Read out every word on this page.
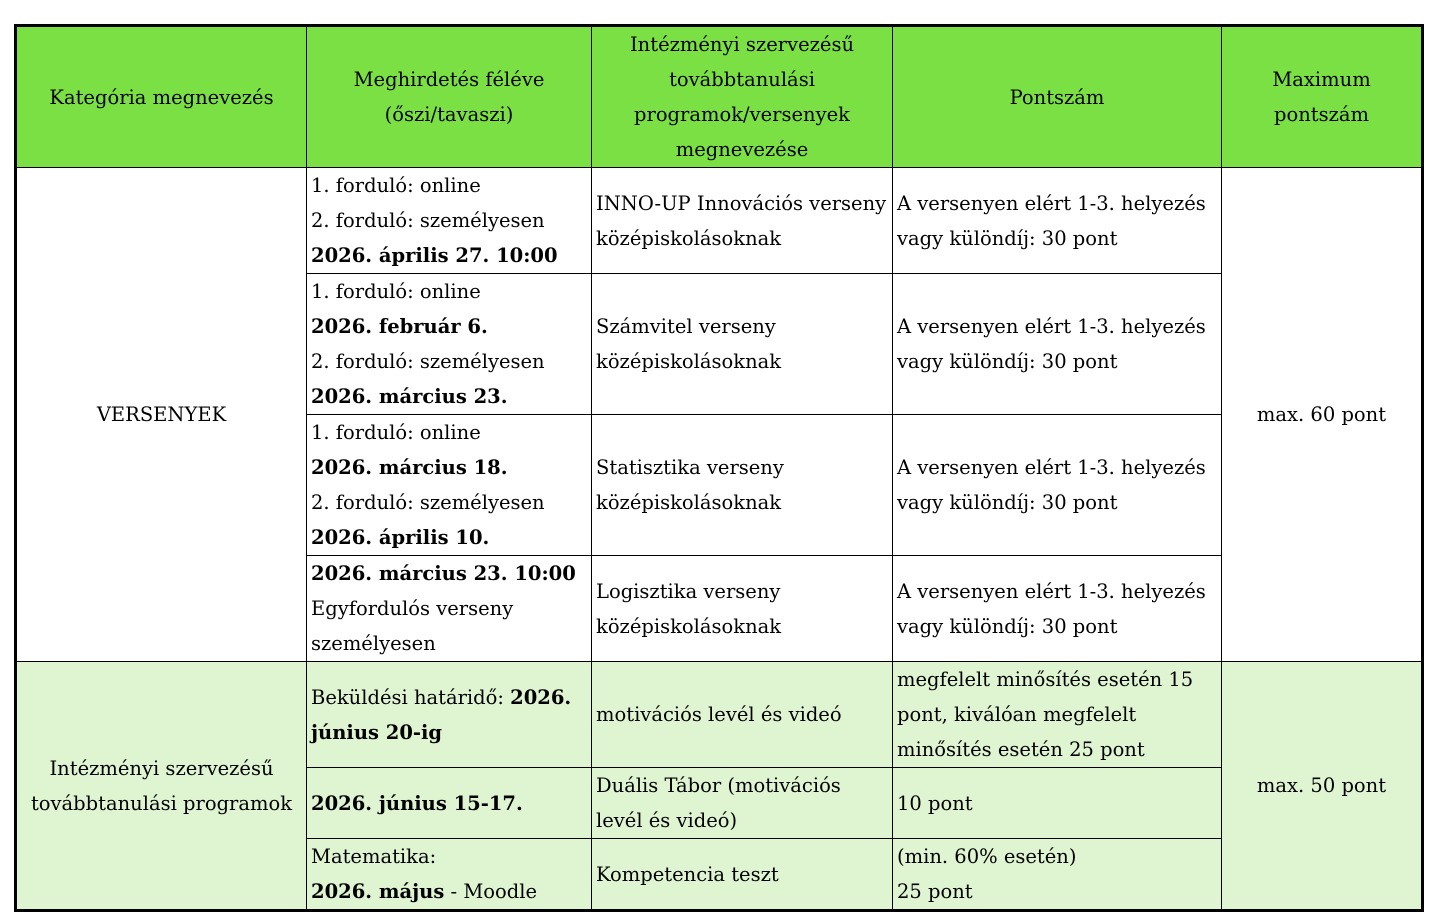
Kategória megnevezés	Meghirdetés féléve (őszi/tavaszi)	Intézményi szervezésű továbbtanulási programok/versenyek megnevezése	Pontszám	Maximum pontszám
VERSENYEK	1. forduló: online
2. forduló: személyesen
2026. április 27. 10:00	INNO-UP Innovációs verseny középiskolásoknak	A versenyen elért 1-3. helyezés vagy különdíj: 30 pont	max. 60 pont

	1. forduló: online
2026. február 6.
2. forduló: személyesen
2026. március 23.	Számvitel verseny középiskolásoknak	A versenyen elért 1-3. helyezés vagy különdíj: 30 pont	

	1. forduló: online
2026. március 18.
2. forduló: személyesen
2026. április 10.	Statisztika verseny középiskolásoknak	A versenyen elért 1-3. helyezés vagy különdíj: 30 pont	

	2026. március 23. 10:00
Egyfordulós verseny személyesen	Logisztika verseny középiskolásoknak	A versenyen elért 1-3. helyezés vagy különdíj: 30 pont	
Intézményi szervezésű továbbtanulási programok	Beküldési határidő: 2026. június 20-ig	motivációs levél és videó	megfelelt minősítés esetén 15 pont, kiválóan megfelelt minősítés esetén 25 pont	max. 50 pont
	2026. június 15-17.	Duális Tábor (motivációs levél és videó)	10 pont	

	Matematika:
2026. május - Moodle	Kompetencia teszt	(min. 60% esetén)
25 pont	
